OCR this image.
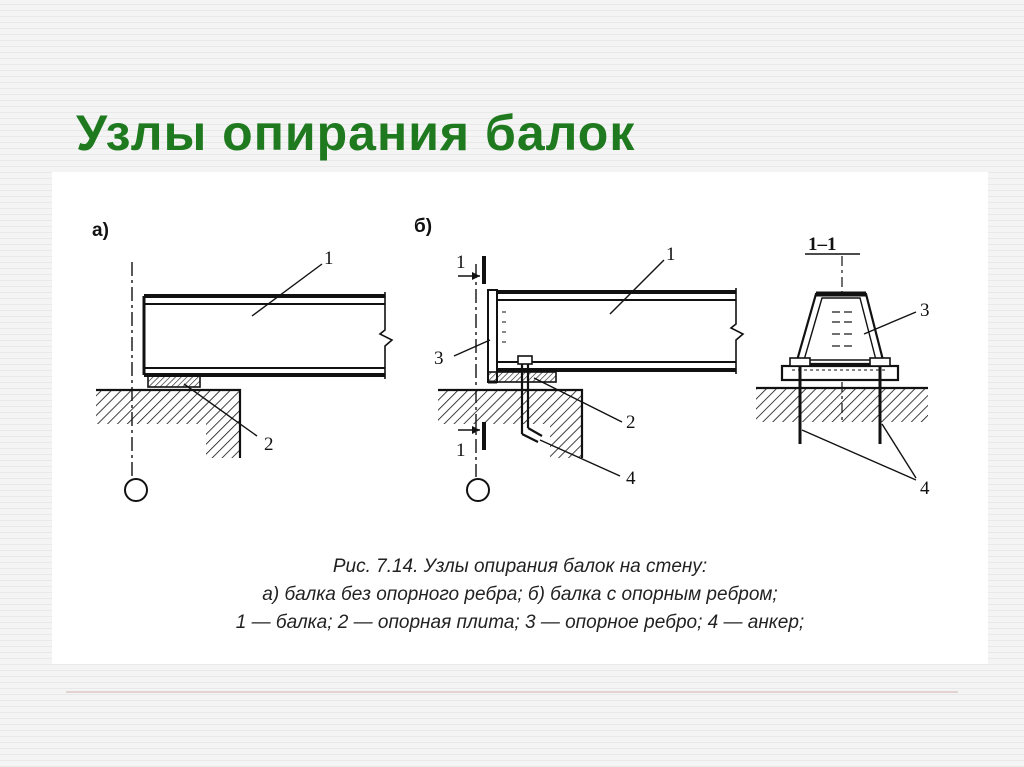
Узлы опирания балок
а)
1
2
б)
1
1
1
3
2
4
1–1
3
4
Рис. 7.14. Узлы опирания балок на стену:
а) балка без опорного ребра; б) балка с опорным ребром;
1 — балка; 2 — опорная плита; 3 — опорное ребро; 4 — анкер;
